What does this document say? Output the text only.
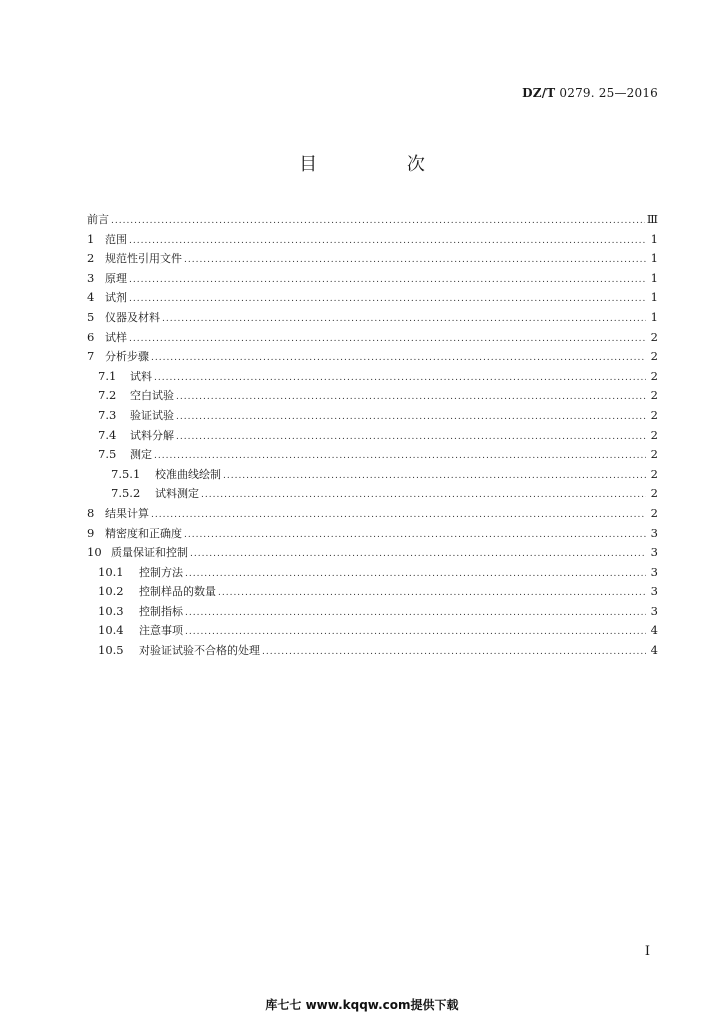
DZ/T 0279. 25—2016
目 次
前言 .....	Ⅲ
1 范围 .....	1
2 规范性引用文件 .....	1
3 原理 .....	1
4 试剂 .....	1
5 仪器及材料 .....	1
6 试样 .....	2
7 分析步骤 .....	2
7.1	试料 .....	2
7.2	空白试验 .....	2
7.3	验证试验 .....	2
7.4	试料分解 .....	2
7.5	测定 .....	2
7.5.1	校准曲线绘制 .....	2
7.5.2	试料测定 .....	2
8 结果计算 .....	2
9 精密度和正确度 .....	3
10 质量保证和控制 .....	3
10.1	控制方法 .....	3
10.2	控制样品的数量 .....	3
10.3	控制指标 .....	3
10.4	注意事项 .....	4
10.5	对验证试验不合格的处理 .....	4
I
库七七 www.kqqw.com提供下载
